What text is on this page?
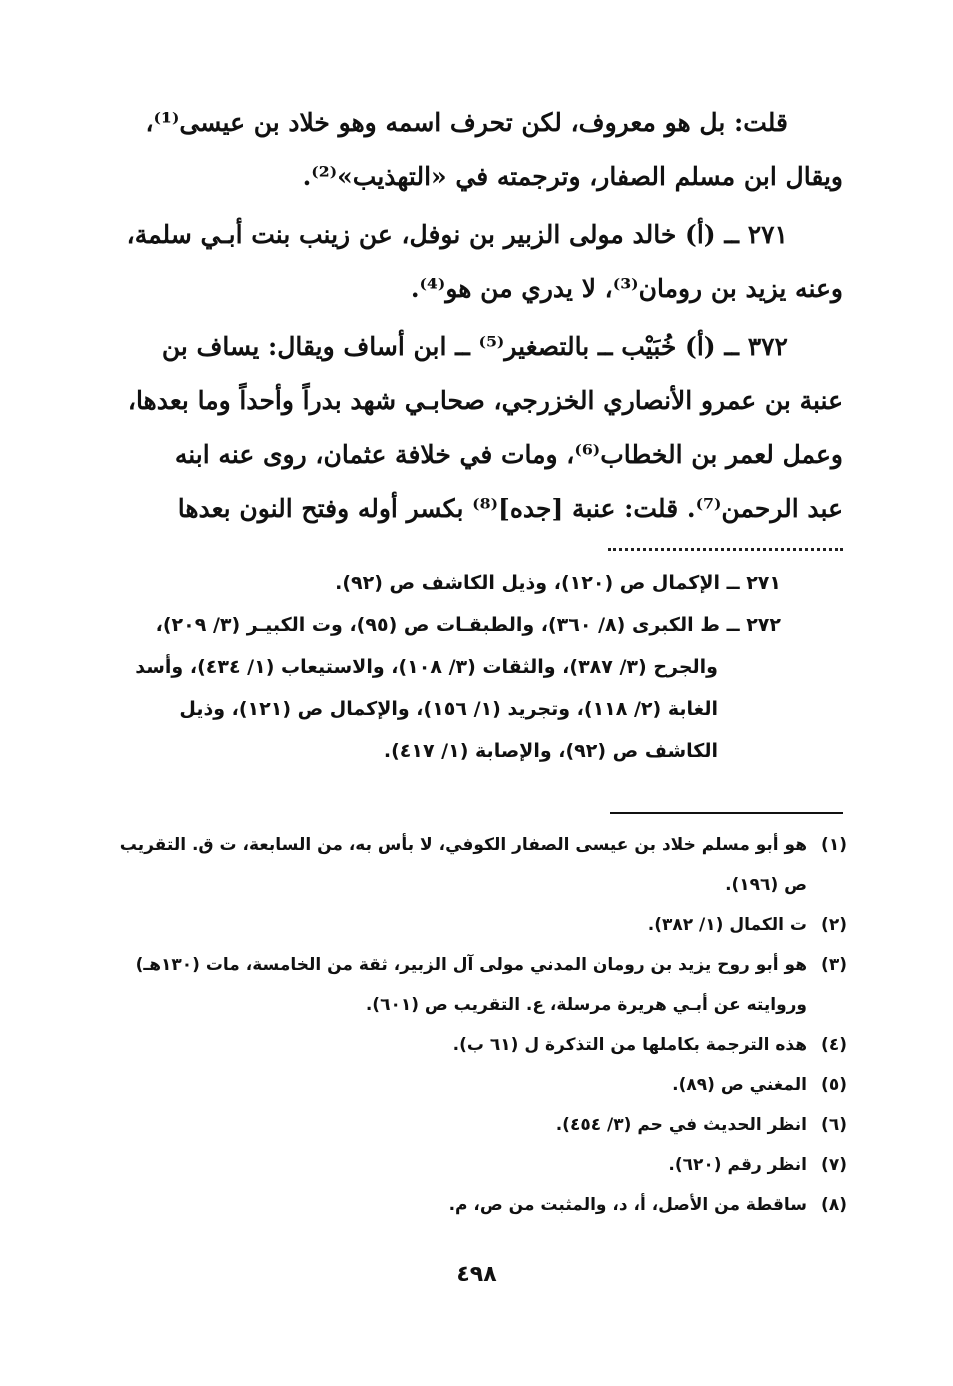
قلت: بل هو معروف، لكن تحرف اسمه وهو خلاد بن عيسى⁽¹⁾،
ويقال ابن مسلم الصفار، وترجمته في «التهذيب»⁽²⁾.
٢٧١ ــ (أ) خالد مولى الزبير بن نوفل، عن زينب بنت أبـي سلمة،
وعنه يزيد بن رومان⁽³⁾، لا يدري من هو⁽⁴⁾.
٣٧٢ ــ (أ) خُبَيْب ــ بالتصغير⁽⁵⁾ ــ ابن أساف ويقال: يساف بن
عنبة بن عمرو الأنصاري الخزرجي، صحابـي شهد بدراً وأحداً وما بعدها،
وعمل لعمر بن الخطاب⁽⁶⁾، ومات في خلافة عثمان، روى عنه ابنه
عبد الرحمن⁽⁷⁾. قلت: عنبة [جده]⁽⁸⁾ بكسر أوله وفتح النون بعدها
٢٧١ ــ الإكمال ص (١٢٠)، وذيل الكاشف ص (٩٢).
٢٧٢ ــ ط الكبرى (٨/ ٣٦٠)، والطبقـات ص (٩٥)، وت الكبيـر (٣/ ٢٠٩)،
والجرح (٣/ ٣٨٧)، والثقات (٣/ ١٠٨)، والاستيعاب (١/ ٤٣٤)، وأسد
الغابة (٢/ ١١٨)، وتجريد (١/ ١٥٦)، والإكمال ص (١٢١)، وذيل
الكاشف ص (٩٢)، والإصابة (١/ ٤١٧).
(١)هو أبو مسلم خلاد بن عيسى الصفار الكوفي، لا بأس به، من السابعة، ت ق. التقريب
ص (١٩٦).
(٢)ت الكمال (١/ ٣٨٢).
(٣)هو أبو روح يزيد بن رومان المدني مولى آل الزبير، ثقة من الخامسة، مات (١٣٠هـ)
وروايته عن أبـي هريرة مرسلة، ع. التقريب ص (٦٠١).
(٤)هذه الترجمة بكاملها من التذكرة ل (٦١ ب).
(٥)المغني ص (٨٩).
(٦)انظر الحديث في حم (٣/ ٤٥٤).
(٧)انظر رقم (٦٢٠).
(٨)ساقطة من الأصل، أ، د، والمثبت من ص، م.
٤٩٨
